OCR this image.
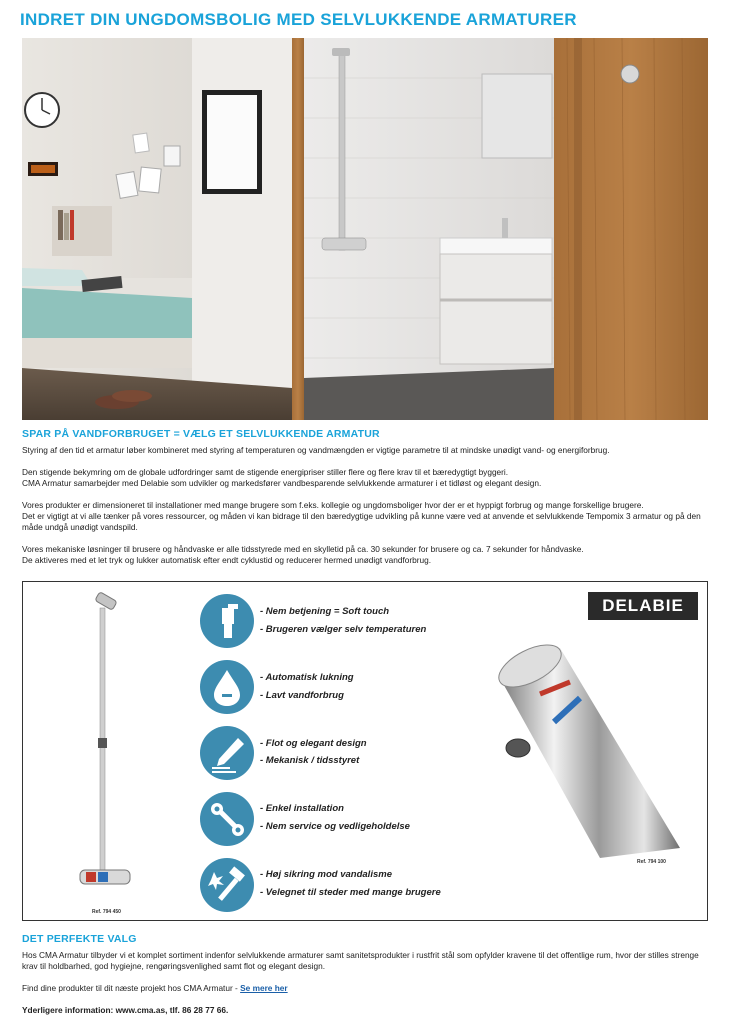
INDRET DIN UNGDOMSBOLIG MED SELVLUKKENDE ARMATURER
SPAR PÅ VANDFORBRUGET = VÆLG ET SELVLUKKENDE ARMATUR

Styring af den tid et armatur løber kombineret med styring af temperaturen og vandmængden er vigtige parametre til at mindske unødigt vand- og energiforbrug.

Den stigende bekymring om de globale udfordringer samt de stigende energipriser stiller flere og flere krav til et bæredygtigt byggeri.
CMA Armatur samarbejder med Delabie som udvikler og markedsfører vandbesparende selvlukkende armaturer i et tidløst og elegant design.

Vores produkter er dimensioneret til installationer med mange brugere som f.eks. kollegie og ungdomsboliger hvor der er et hyppigt forbrug og mange forskellige brugere.
Det er vigtigt at vi alle tænker på vores ressourcer, og måden vi kan bidrage til den bæredygtige udvikling på kunne være ved at anvende et selvlukkende Tempomix 3 armatur og på den måde undgå unødigt vandspild.

Vores mekaniske løsninger til brusere og håndvaske er alle tidsstyrede med en skylletid på ca. 30 sekunder for brusere og ca. 7 sekunder for håndvaske.
De aktiveres med et let tryk og lukker automatisk efter endt cyklustid og reducerer hermed unødigt vandforbrug.

Ref. 794 450
- Nem betjening = Soft touch
- Brugeren vælger selv temperaturen
- Automatisk lukning
- Lavt vandforbrug
- Flot og elegant design
- Mekanisk / tidsstyret
- Enkel installation
- Nem service og vedligeholdelse
- Høj sikring mod vandalisme
- Velegnet til steder med mange brugere
DELABIE
Ref. 794 100
DET PERFEKTE VALG

Hos CMA Armatur tilbyder vi et komplet sortiment indenfor selvlukkende armaturer samt sanitetsprodukter i rustfrit stål som opfylder kravene til det offentlige rum, hvor der stilles strenge krav til holdbarhed, god hygiejne, rengøringsvenlighed samt flot og elegant design.

Find dine produkter til dit næste projekt hos CMA Armatur - Se mere her

Yderligere information: www.cma.as, tlf. 86 28 77 66.
